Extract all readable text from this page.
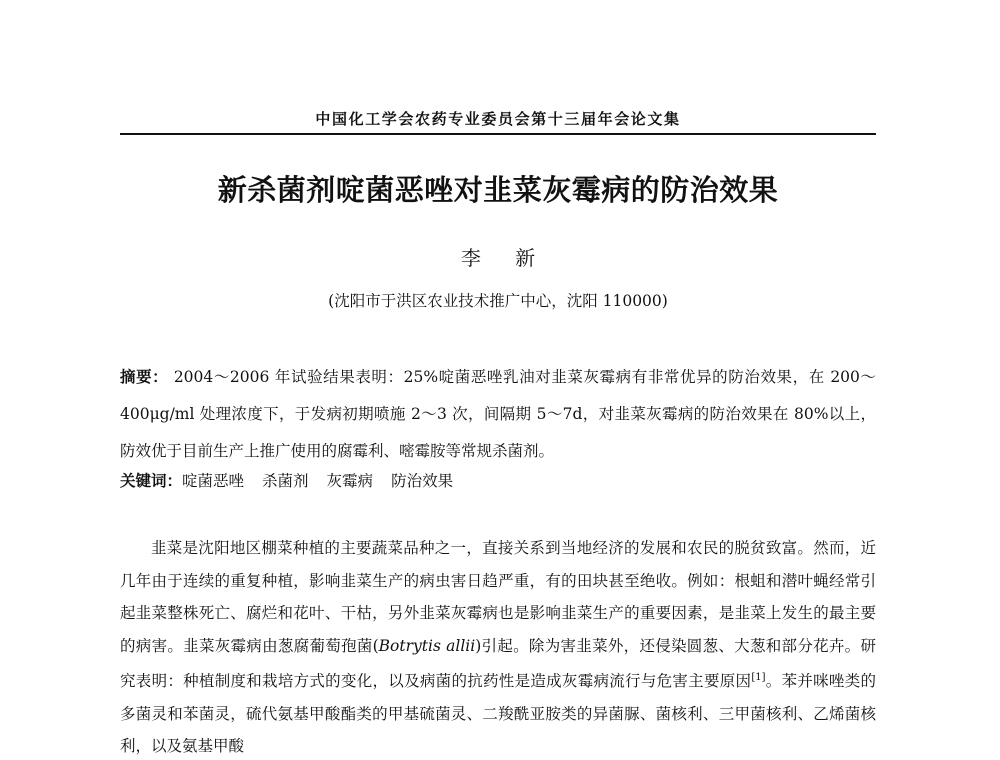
中国化工学会农药专业委员会第十三届年会论文集
新杀菌剂啶菌恶唑对韭菜灰霉病的防治效果
李 新
(沈阳市于洪区农业技术推广中心，沈阳 110000)
摘要： 2004～2006 年试验结果表明：25%啶菌恶唑乳油对韭菜灰霉病有非常优异的防治效果，在 200～400μg/ml 处理浓度下，于发病初期喷施 2～3 次，间隔期 5～7d，对韭菜灰霉病的防治效果在 80%以上，防效优于目前生产上推广使用的腐霉利、嘧霉胺等常规杀菌剂。
关键词：啶菌恶唑 杀菌剂 灰霉病 防治效果
韭菜是沈阳地区棚菜种植的主要蔬菜品种之一，直接关系到当地经济的发展和农民的脱贫致富。然而，近几年由于连续的重复种植，影响韭菜生产的病虫害日趋严重，有的田块甚至绝收。例如：根蛆和潜叶蝇经常引起韭菜整株死亡、腐烂和花叶、干枯，另外韭菜灰霉病也是影响韭菜生产的重要因素，是韭菜上发生的最主要的病害。韭菜灰霉病由葱腐葡萄孢菌(Botrytis allii)引起。除为害韭菜外，还侵染圆葱、大葱和部分花卉。研究表明：种植制度和栽培方式的变化，以及病菌的抗药性是造成灰霉病流行与危害主要原因[1]。苯并咪唑类的多菌灵和苯菌灵，硫代氨基甲酸酯类的甲基硫菌灵、二羧酰亚胺类的异菌脲、菌核利、三甲菌核利、乙烯菌核利，以及氨基甲酸
